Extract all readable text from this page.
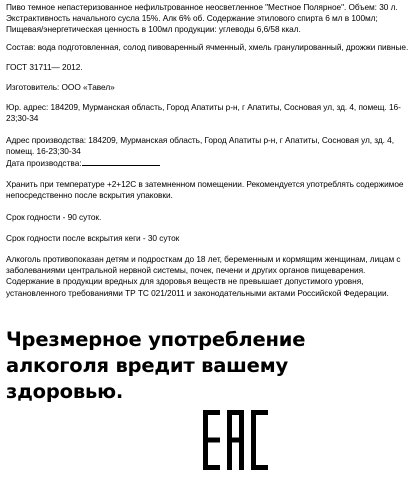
Пиво темное непастеризованное нефильтрованное неосветленное "Местное Полярное". Объем: 30 л. Экстрактивность начального сусла 15%. Алк 6% об. Содержание этилового спирта 6 мл в 100мл; Пищевая/энергетическая ценность в 100мл продукции: углеводы 6,6/58 ккал.

Состав: вода подготовленная, солод пивоваренный ячменный, хмель гранулированный, дрожжи пивные.

ГОСТ 31711— 2012.

Изготовитель: ООО «Тавел»

Юр. адрес: 184209, Мурманская область, Город Апатиты р-н, г Апатиты, Сосновая ул, зд. 4, помещ. 16-23;30-34

Адрес производства: 184209, Мурманская область, Город Апатиты р-н, г Апатиты, Сосновая ул, зд. 4, помещ. 16-23;30-34

Дата производства:

Хранить при температуре +2+12С в затемненном помещении. Рекомендуется употреблять содержимое непосредственно после вскрытия упаковки.

Срок годности - 90 суток.

Срок годности после вскрытия кеги - 30 суток

Алкоголь противопоказан детям и подросткам до 18 лет, беременным и кормящим женщинам, лицам с заболеваниями центральной нервной системы, почек, печени и других органов пищеварения. Содержание в продукции вредных для здоровья веществ не превышает допустимого уровня, установленного требованиями ТР ТС 021/2011 и законодательными актами Российской Федерации.

Чрезмерное употребление алкоголя вредит вашему здоровью.
